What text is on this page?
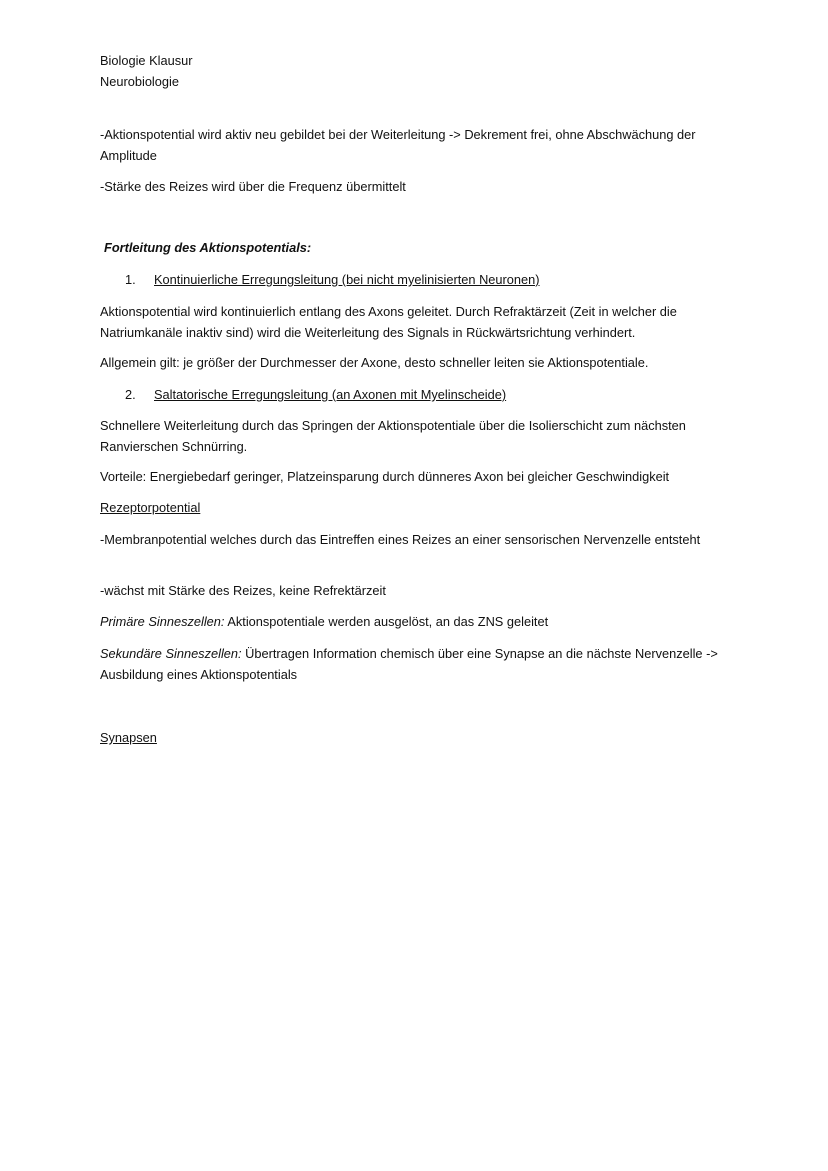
Biologie Klausur
Neurobiologie

-Aktionspotential wird aktiv neu gebildet bei der Weiterleitung -> Dekrement frei, ohne Abschwächung der Amplitude

-Stärke des Reizes wird über die Frequenz übermittelt

Fortleitung des Aktionspotentials:

1. Kontinuierliche Erregungsleitung (bei nicht myelinisierten Neuronen)

Aktionspotential wird kontinuierlich entlang des Axons geleitet. Durch Refraktärzeit (Zeit in welcher die Natriumkanäle inaktiv sind) wird die Weiterleitung des Signals in Rückwärtsrichtung verhindert.

Allgemein gilt: je größer der Durchmesser der Axone, desto schneller leiten sie Aktionspotentiale.

2. Saltatorische Erregungsleitung (an Axonen mit Myelinscheide)

Schnellere Weiterleitung durch das Springen der Aktionspotentiale über die Isolierschicht zum nächsten Ranvierschen Schnürring.

Vorteile: Energiebedarf geringer, Platzeinsparung durch dünneres Axon bei gleicher Geschwindigkeit

Rezeptorpotential

-Membranpotential welches durch das Eintreffen eines Reizes an einer sensorischen Nervenzelle entsteht

-wächst mit Stärke des Reizes, keine Refrektärzeit

Primäre Sinneszellen: Aktionspotentiale werden ausgelöst, an das ZNS geleitet

Sekundäre Sinneszellen: Übertragen Information chemisch über eine Synapse an die nächste Nervenzelle -> Ausbildung eines Aktionspotentials

Synapsen
